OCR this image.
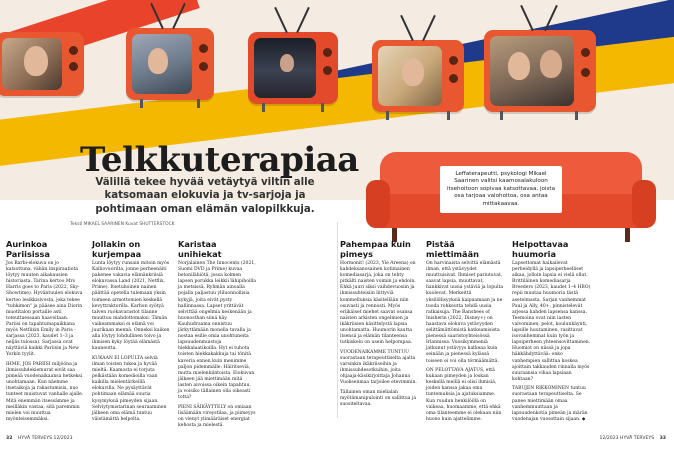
Leffaterapeutti, psykologi Mikael Saarinen valitsi kaamosalakuloon itsehoitoon sopivaa katsottavaa, joista osa tarjoaa valohoitoa, osa antaa mittakaavaa.
Telkkuterapiaa

Välillä tekee hyvää vetäytyä viltin alle katsomaan elokuvia ja tv-sarjoja ja pohtimaan oman elämän valopilkkuja.

Teksti MIKAEL SAARINEN Kuvat SHUTTERSTOCK

Aurinkoa Pariisissa

Jos Barbi-elokuva on jo katsottuna, vähän inspiraatiota löytyy muuten aikakausien historiasta. Tarina kertoo Mrs Harris goes to Paris (2022, Sky-Showtime). Hyväntuulen elokuva kertoo lesikkisivosta, joka tekee "tuhkimon" ja pääsee aina Diorin muotitalon portaille asti toteuttaessaan haaveitaan. Pariisi on tapahtumapaikkana myös Netflixin Emily in Paris -sarjassa (2023, kaudet 1–3 ja neljäs tulossa). Sarjassa ovat näyttäviä kaikki Pariisin ja New Yorkin tyylit.

IHME, JOS PARIISI miljööna ja ihmissuhdekiemurat eivät saa pimeää vuodenaikaansa hetkeksi unohtamaan. Kun näemme itsetaikoja ja rakastumisia, nuo tunteet muistuvat vanhalle ajalle. Mitä enemmän itsessämme ja meilläkin vastaa, sitä paremmin mielen voi muuttua myönteisemmäksi.

Jollakin on kurjempaa

Lunta löytyy runsain mitoin myös Kalliovuorilta, jonne perheenäiti pakenee vakavia elämänkriisiä elokuvassa Land (2021, Netflix, Prime). Itsetuhoinen nainen päättää opetella tulemaan yksin toimeen armottomien keskellä kevyttraktorilla. Karhun syötyä talven ruokavarastot tilanne muuttuu mahdottomaksi. Tämän vaikeammaksi ei elämä voi juurikaan mennä. Onneksi kaiken alla löytyy lohdullinen toivo ja ihmisen kyky löytää elämästä kauneutta.

KUKAAN EI LOPULTA selviä ilman toisten tukea ja hyvää mieltä. Kaamosta ei torjuta pelkästään komedioilla vaan kaikilla mielentärkeillä elokuvilla. Ne pysäyttävät pohtimaan elämää suuria kysymyksiä pimeyden sijaan. Selviytymistarinan seuraaminen jälkeen oma elämä tuntuu väistämättä helpolta.

Karistaa unihiekat

Norjalainen The Innocents (2021, Suomi DVD ja Prime) kuvaa betonilähiötä, jossa kolmen lapsen porukka leikkii lähipihoilla ja metsissä. Ryhmän ainoalla pojalla paljastuu yliluonnollisia kykyjä, joita eivät pysty hallinnassa. Lapset yrittävät selvittää ongelmia keskenään ja huonosthan siinä käy. Kauhudraama onnistuu järkyttämään monella tavalla ja nostaa esille omia unohtuneita lapsuudenmuistoja hiekkalaatikoilla. Hyt ei tuhota toisten hiekkakakkuja tai tönitä kaveria ennen kuin menimme paljon pidemmälle. Häiritseviä, mutta mielenkiintoista. Elokuvan jälkeen jää miettimään mitä lasten aivoissa oikein tapahtuu, ja voisiko tällainen olla oikeasti totta?

PIENI SÄIKÄYTTELY on omiaan lisäämään vireystilaa, ja piimeyys on vienyt ylimääräiset energiat kehosta ja mielestä.

Pahempaa kuin pimeys

Hormonit! (2023, Yle Areena) on kahdeksanosainen kotimainen komediasarja, joka on tehty pitkälti naisten voimin ja ehdoin. Ehkä juuri siksi vaihdevuosiin ja ihmissuhteisiin liittyviä kommelluksia käsitellään niin osuvasti ja rennosti. Myös eriikäiset miehet saavat osansa naisten arkisten ongelmien ja ikäkriisien käsittelystä lapsia unohtamatta. Huumorin kautta itsensä ja elämän tilanteensa tutkiskelu on usein helpompaa.

VUODENAIKAMME TUNTUU suorastaan terapeuttiselta ajalta varsinkin ikäkriiseihin ja ihmissuhdesotkuihin, joita ohjaaja-käsikirjoittaja Johanna Vuoksenmaa tarjoilee etevimmin.

Tällainen oman mielialan myötämanipulointi on sallittua ja suositeltavaa.

Pistää miettimään

On harvinaista selvittä elämästä ilman, että ystävyydet muuttuisivat. Ihmiset pariutuvat, saavat lapsia, muuttavat, hankkivat uusia ystäviä ja lopulta kuolevat. Merkeittä yksilöllisyyksiä kaipaamaan ja ne tuoda rohkeutta tehdä uusia ratkaisuja. The Banshees of Inisherin (2022, Disney+) on haastava elokuva ystävyyden selittämättömistä katkeamisista pienessä saaristoyhteisössä Irlannissa. Vuosikymmeniä jatkunut ystävyys katkeaa kuin seinään ja pienessä kylässä toiseen ei voi olla törmäämättä.

ON PELOTTAVA AJATUS, että kukaan pimeyden ja loskan keskellä meillä ei olisi ihmisiä, joiden kanssa jakaa oma tuntemuksia ja ajatuksiamme. Kun ruudun henkilöillä on vaikeaa, huomaamme, että ehkä oma tilanteemme ei olekaan niin huono kuin ajattelimme.

Helpottavaa huumoria

Lapsettomat haikailevat perheidyllä ja lapsiperheelliset aikaa, jolloin lapsia ei vielä ollut. Brittiläinen komediasarja Breeders (2023, kaudet 1–4 HBO) repii muutaa huumoria tästä asetelmasta. Sarjan vanhemmat Paul ja Ally, 40+, pinnistelevät arjessa kahden lapsensa kanssa. Teemoina ovat niin lasten valvominen, pelot, koulunkäynti, lapsille huutaminen, rasittavat isovanhemmat kuin työn ja lapsiperheen yhteensovittaminen. Huomiot on niissä ja jopa häkkähdyttävää: onko vanhempien sallittua koskea ajoittain takkauden rinnalla myös suuraansia vihaa lapsiaan kohtaan?

TABUJEN RIKKOMINEN tuntuu suorastaan terapeuttiselta. Se panee miettimään omaa vanhemmuuttaan ja lapsuudenkotia pimeän ja märän vuodenajan vuosottain sijaan. ◆

32 HYVÄ TERVEYS 12/2023	12/2023 HYVÄ TERVEYS 33
